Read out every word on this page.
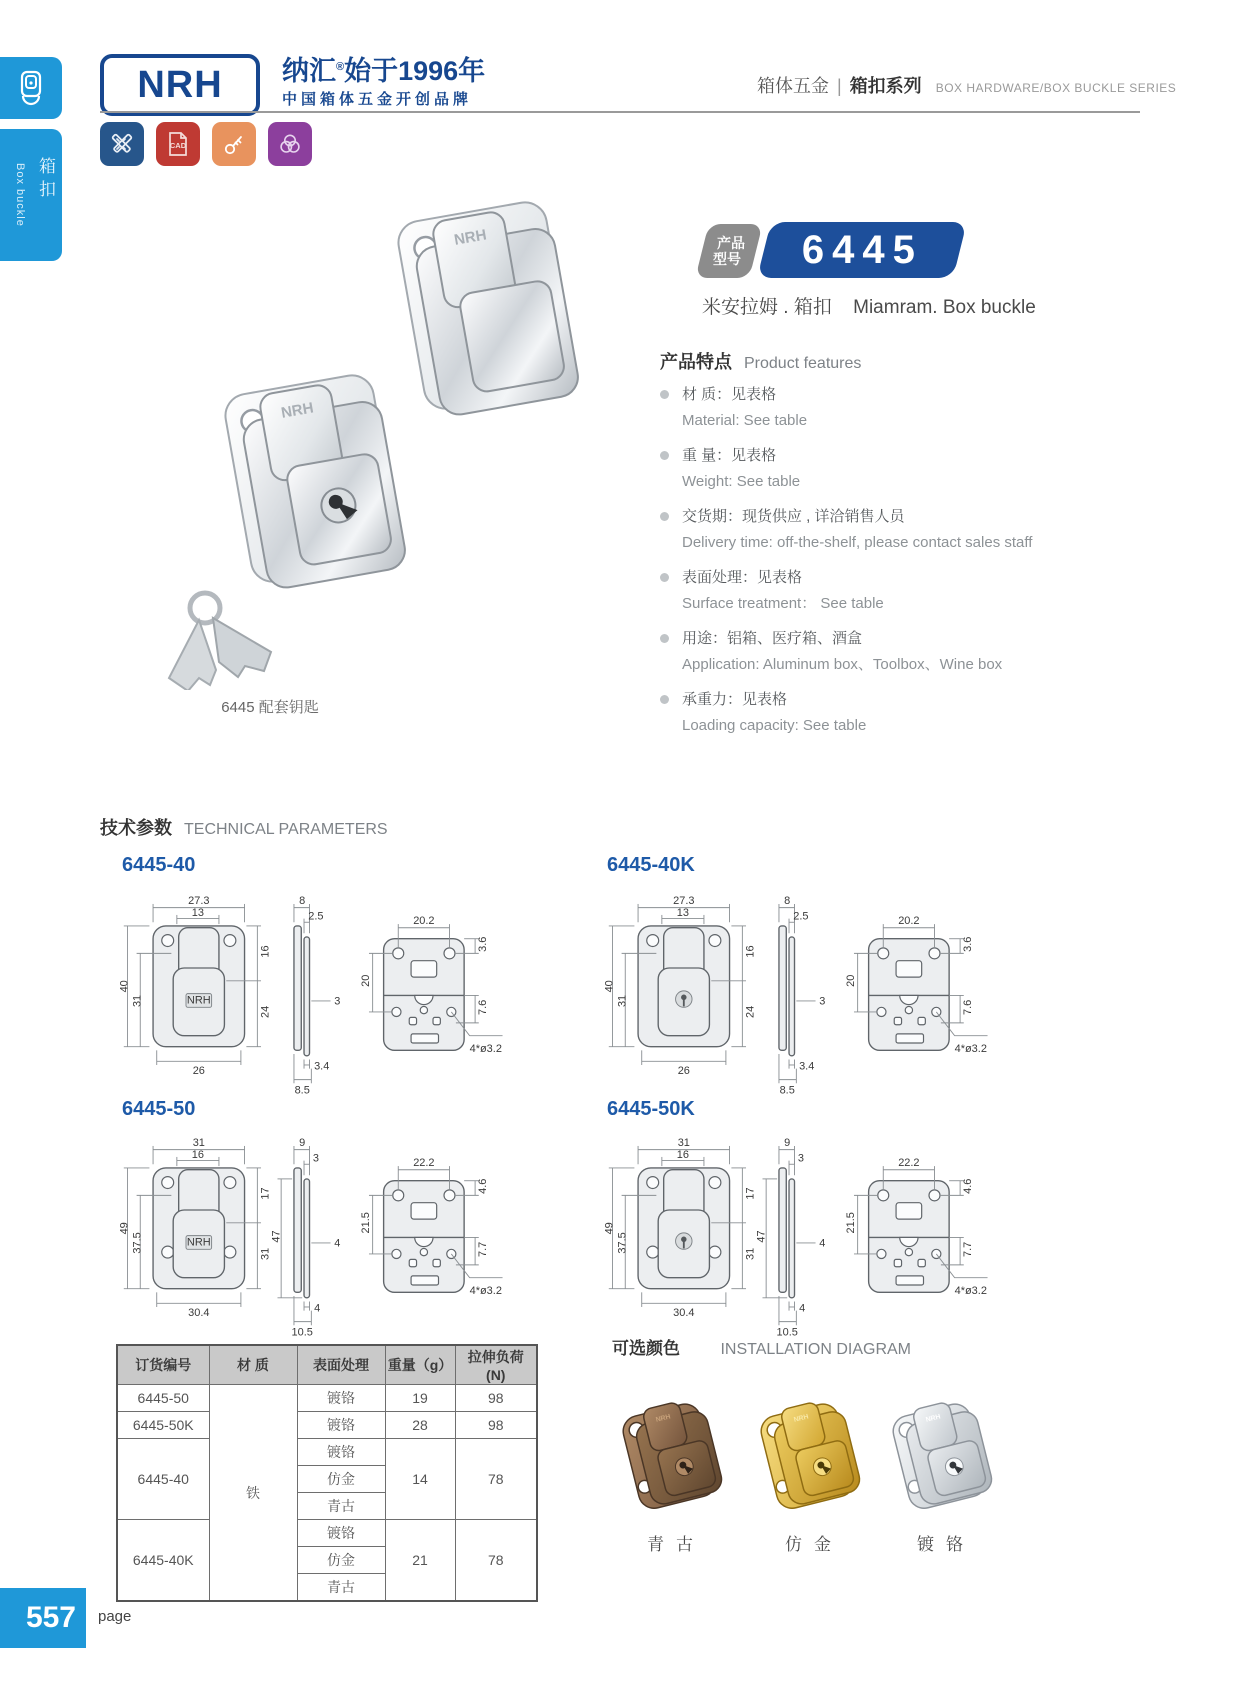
箱扣
Box buckle
NRH 纳汇®始于1996年
中国箱体五金开创品牌
箱体五金 | 箱扣系列 BOX HARDWARE/BOX BUCKLE SERIES
CAD
NRH
NRH
6445 配套钥匙
产品
型号 6445
米安拉姆 . 箱扣 Miamram. Box buckle
产品特点 Product features
材 质：见表格
Material: See table
重 量：见表格
Weight: See table
交货期：现货供应 , 详洽销售人员
Delivery time: off-the-shelf, please contact sales staff
表面处理：见表格
Surface treatment： See table
用途：铝箱、医疗箱、酒盒
Application: Aluminum box、Toolbox、Wine box
承重力：见表格
Loading capacity: See table
技术参数 TECHNICAL PARAMETERS
6445-40
NRH
27.3
13
40
31
16
24
26
8
2.5
3
3.4
8.5
20.2
3.6
20
7.6
4*ø3.2
6445-40K
27.3
13
40
31
16
24
26
8
2.5
3
3.4
8.5
20.2
3.6
20
7.6
4*ø3.2
6445-50
NRH
31
16
49
37.5
17
31
30.4
9
3
4
47
4
10.5
22.2
4.6
21.5
7.7
4*ø3.2
6445-50K
31
16
49
37.5
17
31
30.4
9
3
4
47
4
10.5
22.2
4.6
21.5
7.7
4*ø3.2
订货编号	材 质	表面处理	重量（g）	拉伸负荷 (N)
6445-50	铁	镀铬	19	98
6445-50K		镀铬	28	98
6445-40		镀铬	14	78
		仿金		
		青古		
6445-40K		镀铬	21	78
		仿金		
		青古		
可选颜色	INSTALLATION DIAGRAM
NRH	NRH	NRH
青古	仿金	镀铬
557	page
